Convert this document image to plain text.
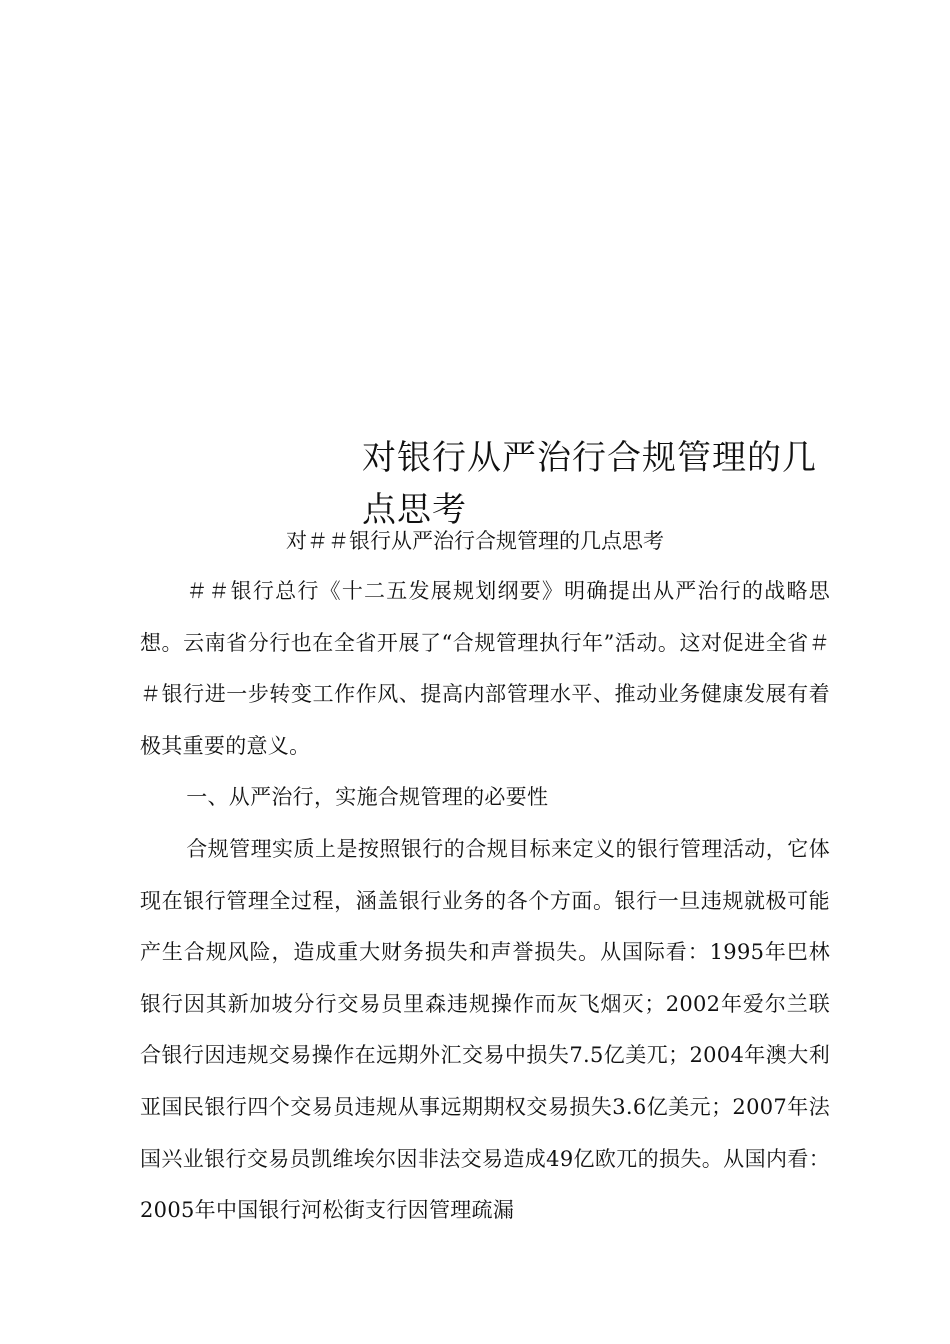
对银行从严治行合规管理的几点思考
对＃＃银行从严治行合规管理的几点思考

＃＃银行总行《十二五发展规划纲要》明确提出从严治行的战略思想。云南省分行也在全省开展了“合规管理执行年”活动。这对促进全省＃＃银行进一步转变工作作风、提高内部管理水平、推动业务健康发展有着极其重要的意义。

一、从严治行，实施合规管理的必要性

合规管理实质上是按照银行的合规目标来定义的银行管理活动，它体现在银行管理全过程，涵盖银行业务的各个方面。银行一旦违规就极可能产生合规风险，造成重大财务损失和声誉损失。从国际看：1995年巴林银行因其新加坡分行交易员里森违规操作而灰飞烟灭；2002年爱尔兰联合银行因违规交易操作在远期外汇交易中损失7.5亿美兀；2004年澳大利亚国民银行四个交易员违规从事远期期权交易损失3.6亿美元；2007年法国兴业银行交易员凯维埃尔因非法交易造成49亿欧兀的损失。从国内看：2005年中国银行河松街支行因管理疏漏
